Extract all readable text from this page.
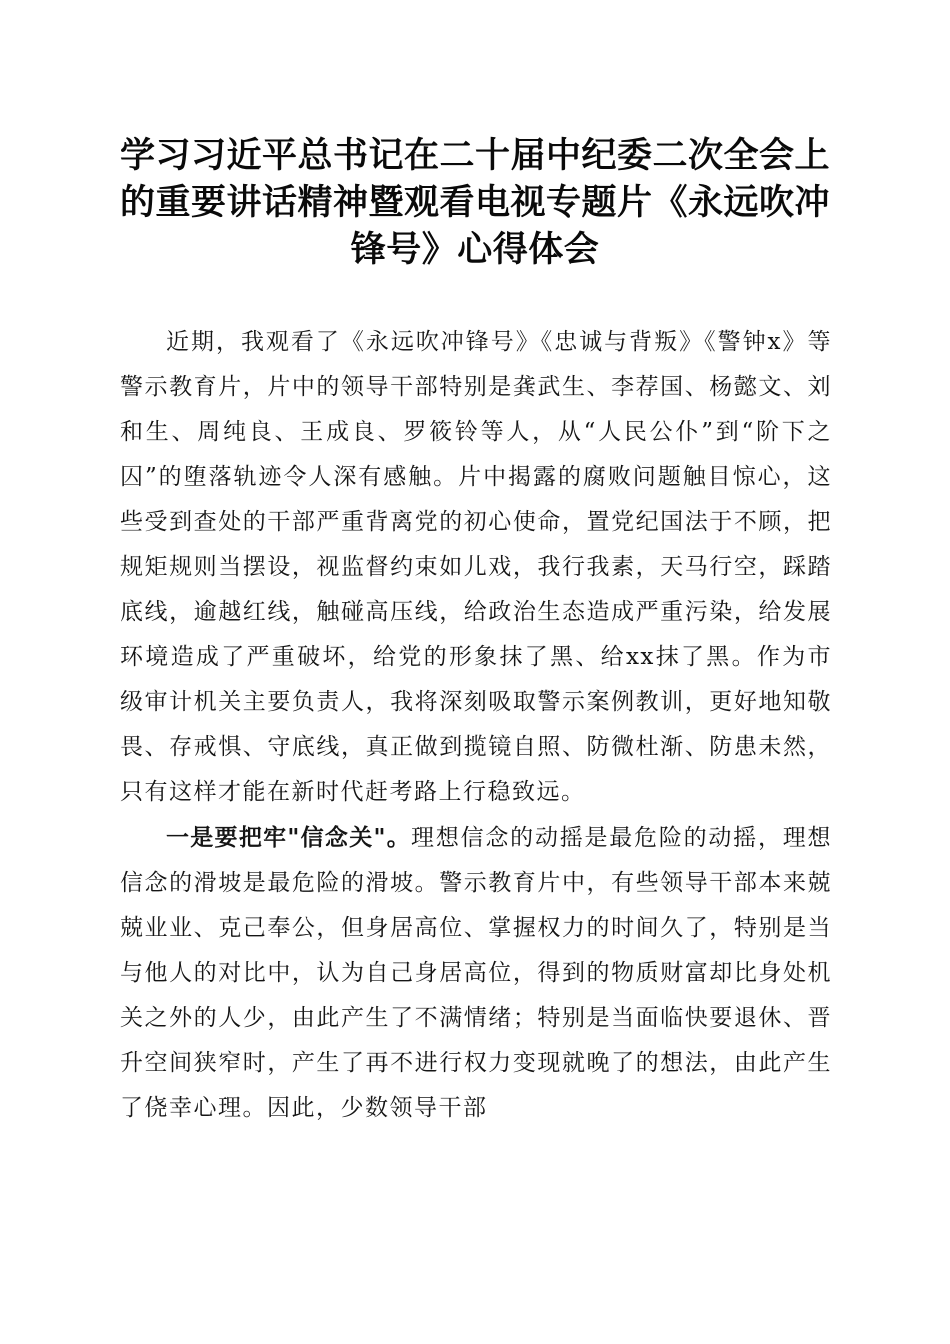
学习习近平总书记在二十届中纪委二次全会上的重要讲话精神暨观看电视专题片《永远吹冲锋号》心得体会

近期，我观看了《永远吹冲锋号》《忠诚与背叛》《警钟x》等警示教育片，片中的领导干部特别是龚武生、李荐国、杨懿文、刘和生、周纯良、王成良、罗筱铃等人，从“人民公仆”到“阶下之囚”的堕落轨迹令人深有感触。片中揭露的腐败问题触目惊心，这些受到查处的干部严重背离党的初心使命，置党纪国法于不顾，把规矩规则当摆设，视监督约束如儿戏，我行我素，天马行空，踩踏底线，逾越红线，触碰高压线，给政治生态造成严重污染，给发展环境造成了严重破坏，给党的形象抹了黑、给xx抹了黑。作为市级审计机关主要负责人，我将深刻吸取警示案例教训，更好地知敬畏、存戒惧、守底线，真正做到揽镜自照、防微杜渐、防患未然，只有这样才能在新时代赶考路上行稳致远。

一是要把牢"信念关"。理想信念的动摇是最危险的动摇，理想信念的滑坡是最危险的滑坡。警示教育片中，有些领导干部本来兢兢业业、克己奉公，但身居高位、掌握权力的时间久了，特别是当与他人的对比中，认为自己身居高位，得到的物质财富却比身处机关之外的人少，由此产生了不满情绪；特别是当面临快要退休、晋升空间狭窄时，产生了再不进行权力变现就晚了的想法，由此产生了侥幸心理。因此，少数领导干部
